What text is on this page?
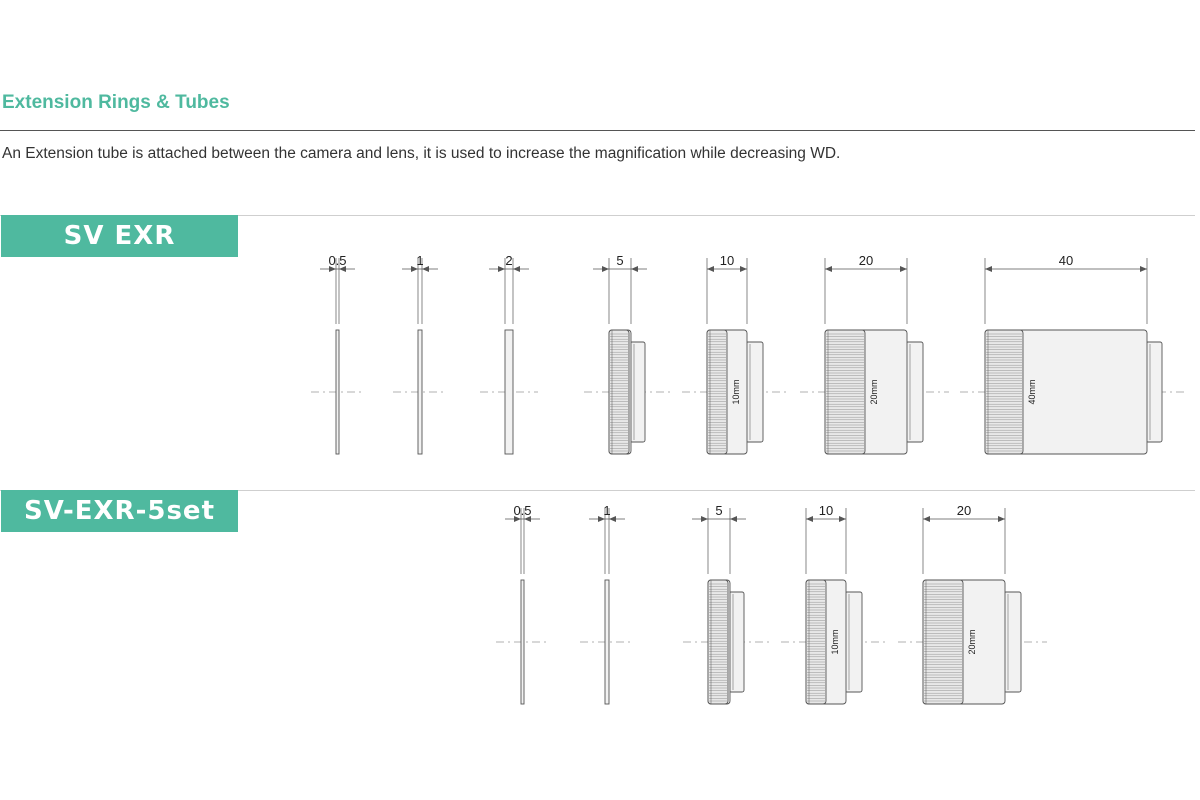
Extension Rings & Tubes

An Extension tube is attached between the camera and lens, it is used to increase the magnification while decreasing WD.

SV EXR
SV-EXR-5set
0.5	1	2	5	10
10mm
20
20mm
40
40mm
0.5	1	5	10
10mm
20
20mm
